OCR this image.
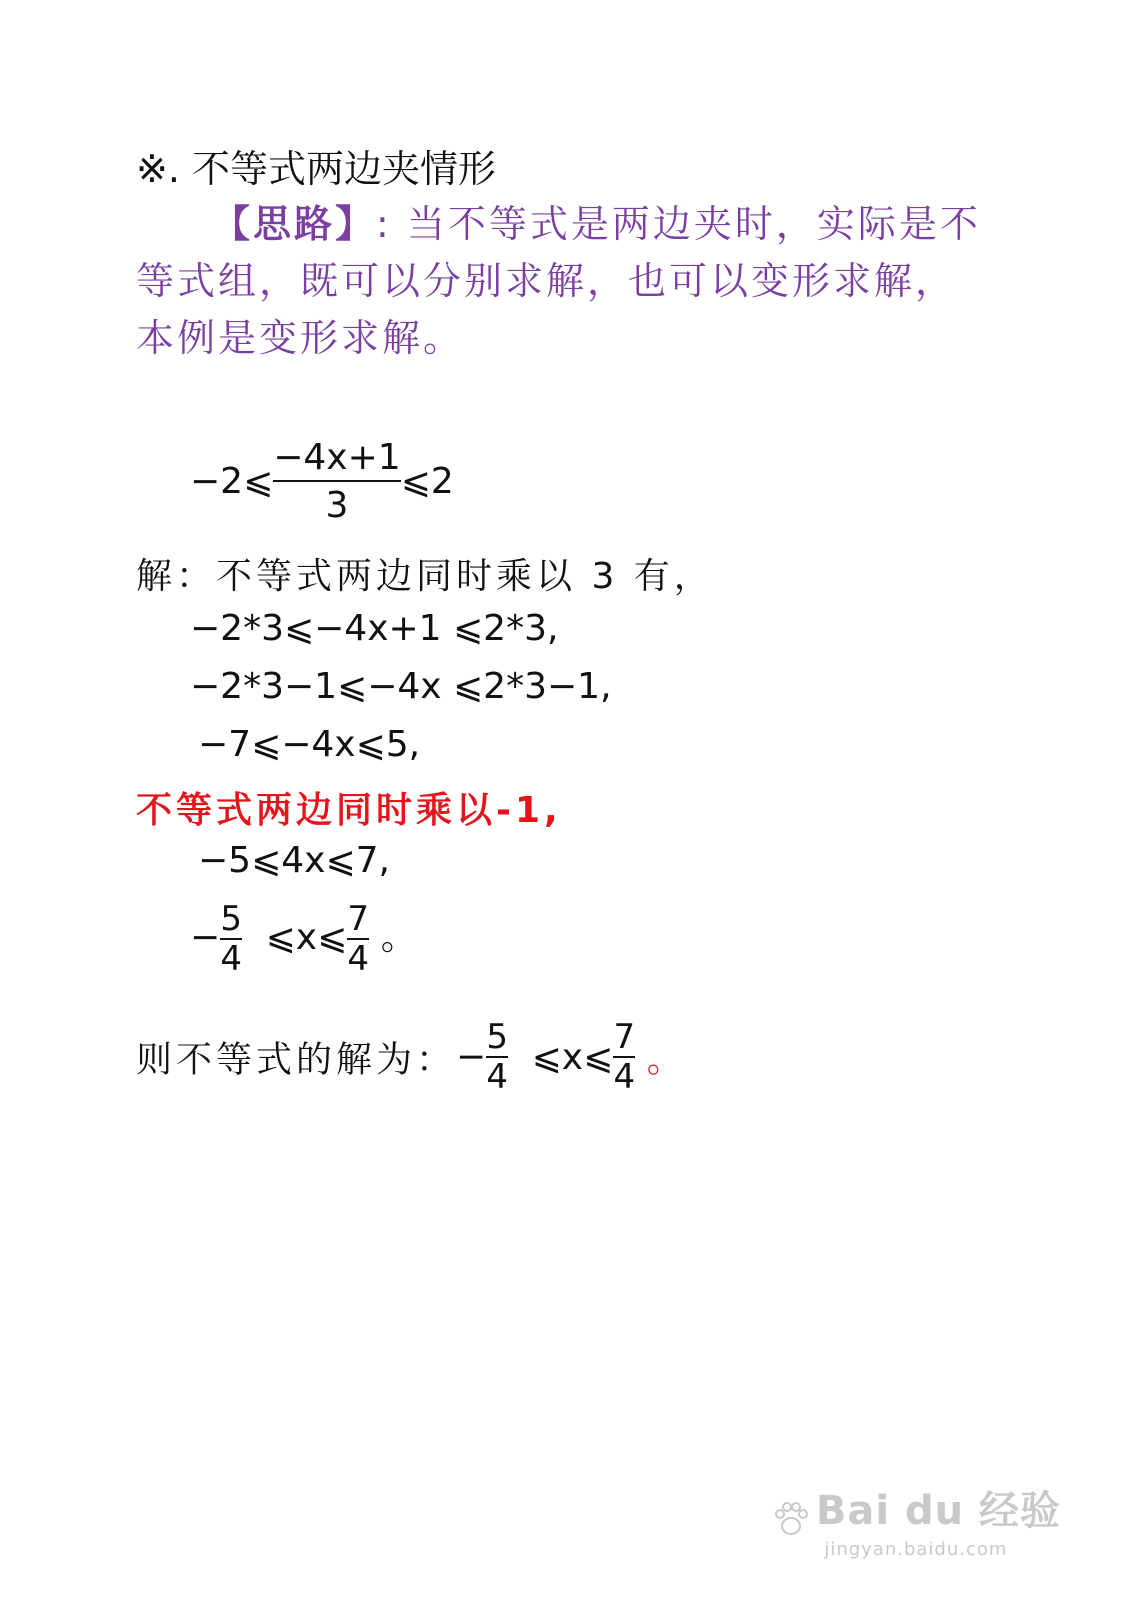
※. 不等式两边夹情形
【思路】: 当不等式是两边夹时，实际是不等式组，既可以分别求解，也可以变形求解，本例是变形求解。
−2⩽ $\frac{-4x+1}{3}$ ⩽2
解：不等式两边同时乘以 3 有，
−2*3⩽−4x+1 ⩽2*3,
−2*3−1⩽−4x ⩽2*3−1,
−7⩽−4x⩽5,
不等式两边同时乘以-1,
−5⩽4x⩽7,
− $\frac{5}{4}$ ⩽x⩽ $\frac{7}{4}$ 。
则不等式的解为：− $\frac{5}{4}$ ⩽x⩽ $\frac{7}{4}$ 。
Bai du 经验
jingyan.baidu.com
